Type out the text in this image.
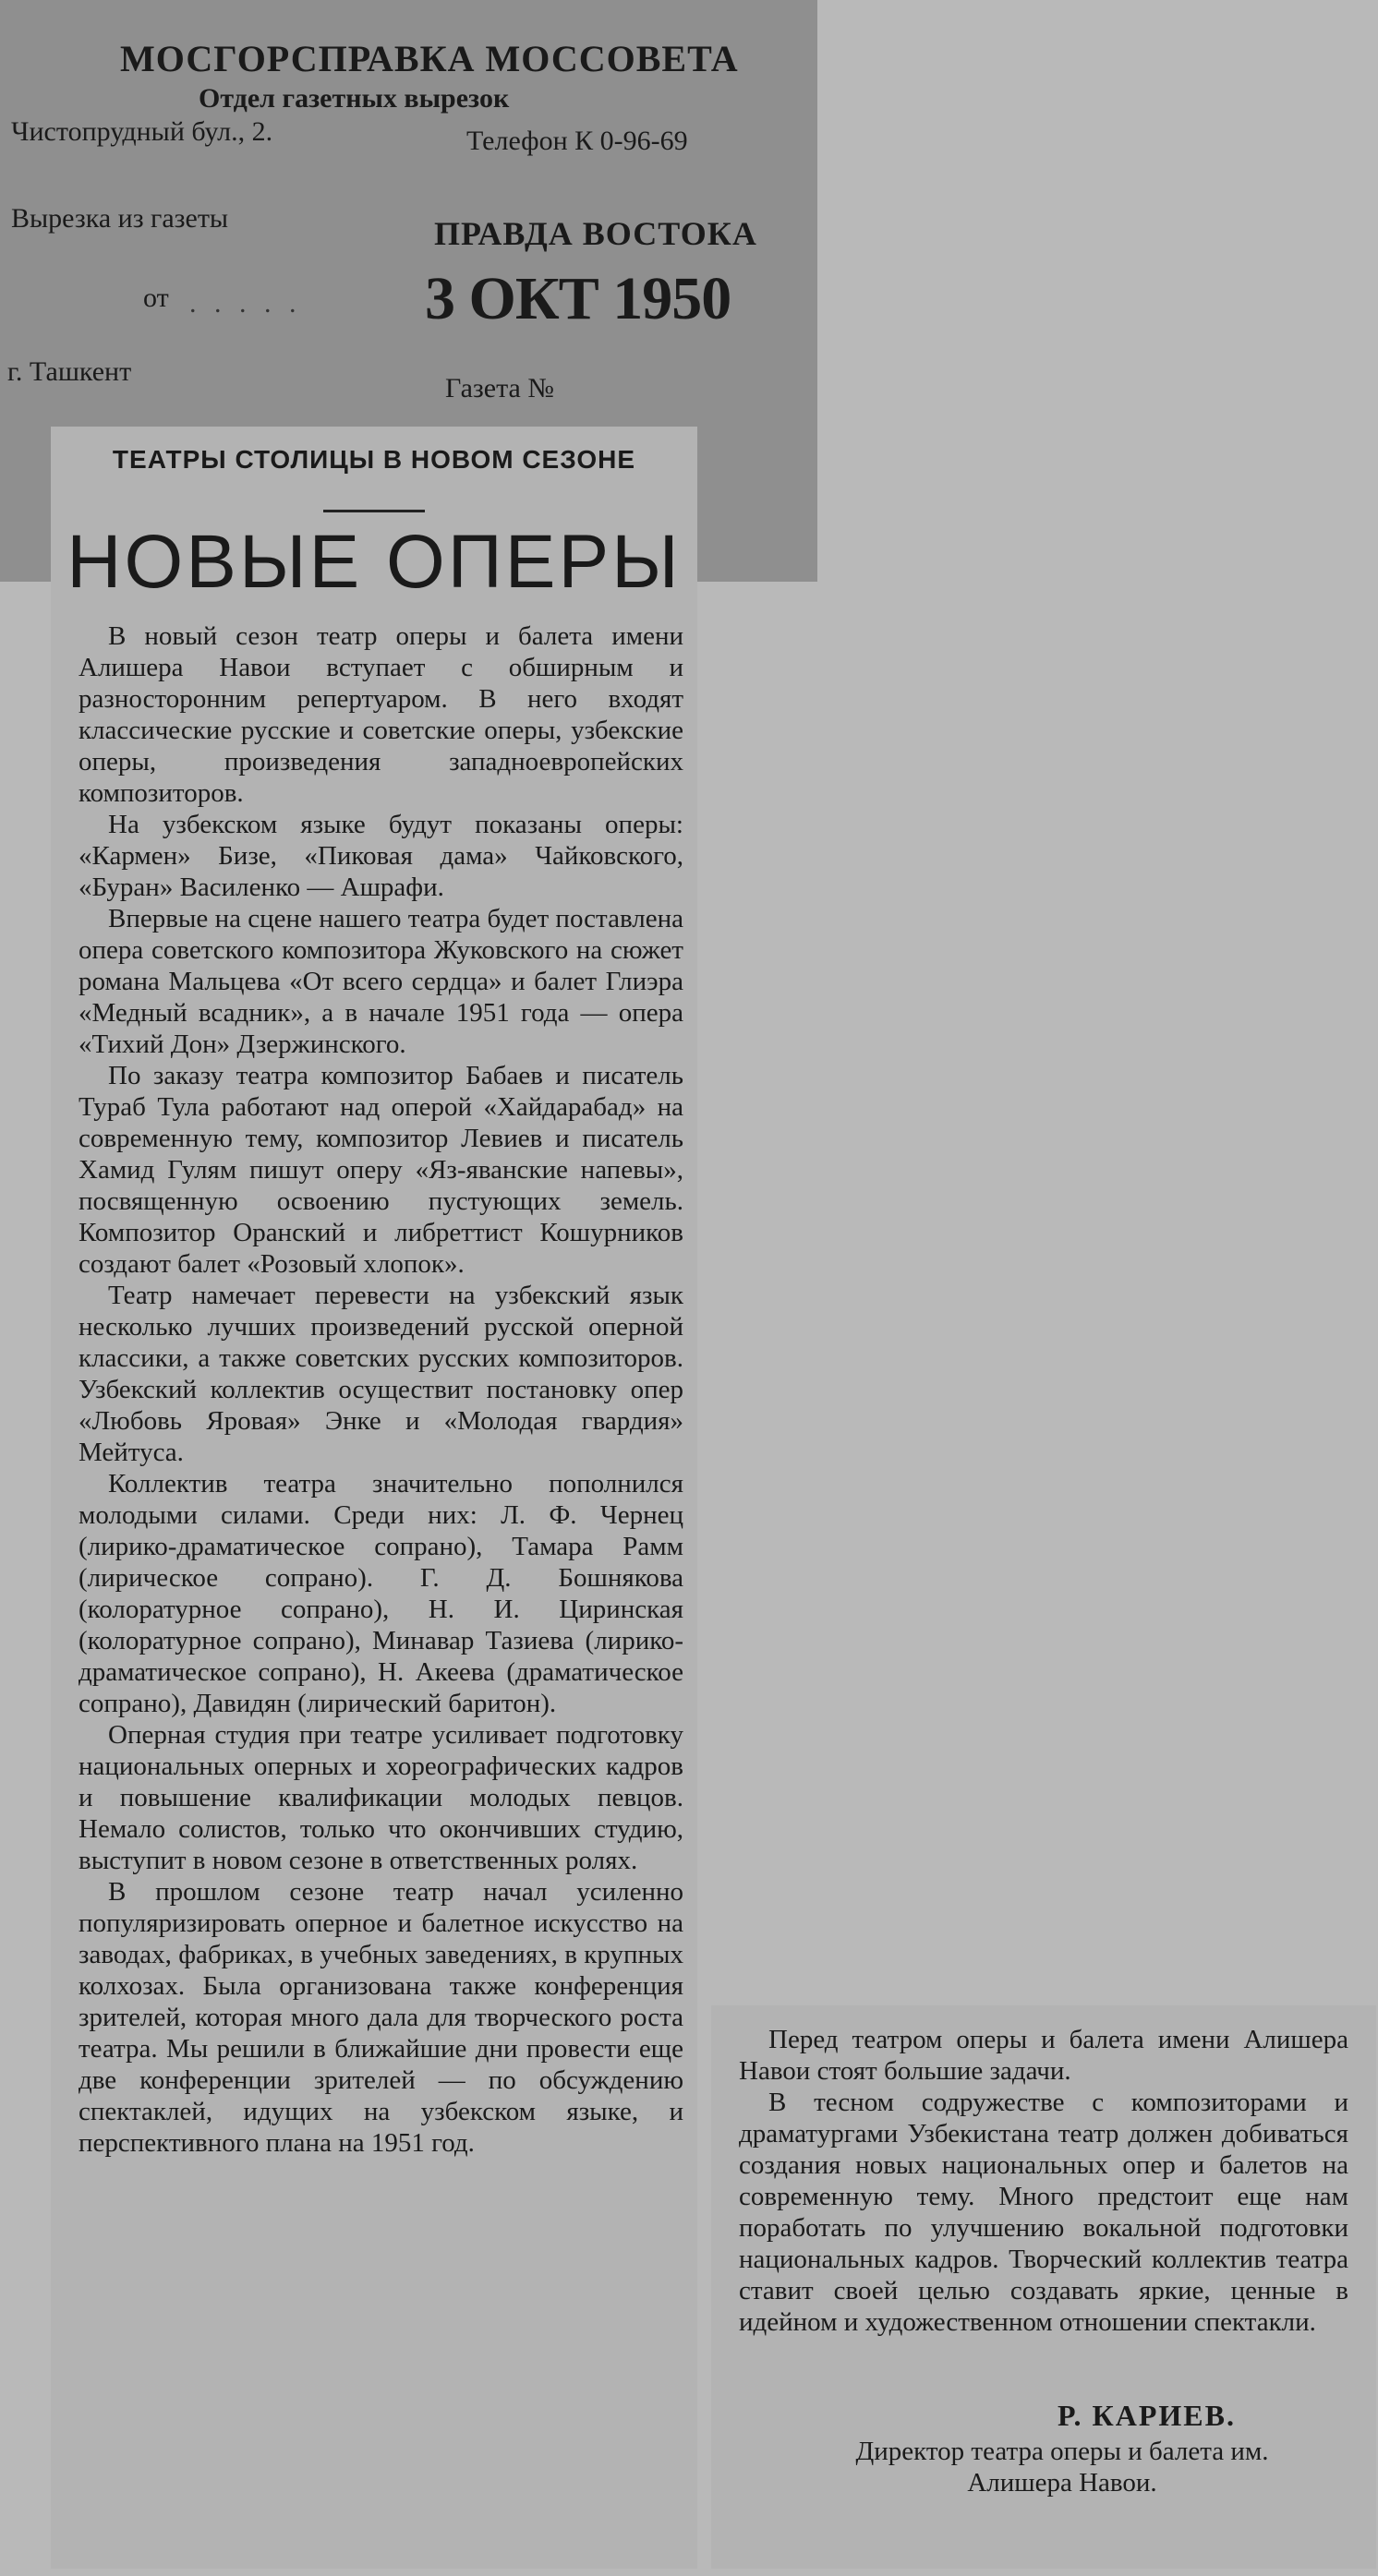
МОСГОРСПРАВКА МОССОВЕТА
Отдел газетных вырезок
Чистопрудный бул., 2.	Телефон К 0-96-69
Вырезка из газеты	ПРАВДА ВОСТОКА
от . . . . . 3 ОКТ 1950
г. Ташкент
Газета №
ТЕАТРЫ СТОЛИЦЫ В НОВОМ СЕЗОНЕ
НОВЫЕ ОПЕРЫ

В новый сезон театр оперы и балета имени Алишера Навои вступает с обширным и разносторонним репертуаром. В него входят классические русские и советские оперы, узбекские оперы, произведения западноевропейских композиторов.

На узбекском языке будут показаны оперы: «Кармен» Бизе, «Пиковая дама» Чайковского, «Буран» Василенко — Ашрафи.

Впервые на сцене нашего театра будет поставлена опера советского композитора Жуковского на сюжет романа Мальцева «От всего сердца» и балет Глиэра «Медный всадник», а в начале 1951 года — опера «Тихий Дон» Дзержинского.

По заказу театра композитор Бабаев и писатель Тураб Тула работают над оперой «Хайдарабад» на современную тему, композитор Левиев и писатель Хамид Гулям пишут оперу «Яз-яванские напевы», посвященную освоению пустующих земель. Композитор Оранский и либреттист Кошурников создают балет «Розовый хлопок».

Театр намечает перевести на узбекский язык несколько лучших произведений русской оперной классики, а также советских русских композиторов. Узбекский коллектив осуществит постановку опер «Любовь Яровая» Энке и «Молодая гвардия» Мейтуса.

Коллектив театра значительно пополнился молодыми силами. Среди них: Л. Ф. Чернец (лирико-драматическое сопрано), Тамара Рамм (лирическое сопрано). Г. Д. Бошнякова (колоратурное сопрано), Н. И. Циринская (колоратурное сопрано), Минавар Тазиева (лирико-драматическое сопрано), Н. Акеева (драматическое сопрано), Давидян (лирический баритон).

Оперная студия при театре усиливает подготовку национальных оперных и хореографических кадров и повышение квалификации молодых певцов. Немало солистов, только что окончивших студию, выступит в новом сезоне в ответственных ролях.

В прошлом сезоне театр начал усиленно популяризировать оперное и балетное искусство на заводах, фабриках, в учебных заведениях, в крупных колхозах. Была организована также конференция зрителей, которая много дала для творческого роста театра. Мы решили в ближайшие дни провести еще две конференции зрителей — по обсуждению спектаклей, идущих на узбекском языке, и перспективного плана на 1951 год.

Перед театром оперы и балета имени Алишера Навои стоят большие задачи.

В тесном содружестве с композиторами и драматургами Узбекистана театр должен добиваться создания новых национальных опер и балетов на современную тему. Много предстоит еще нам поработать по улучшению вокальной подготовки национальных кадров. Творческий коллектив театра ставит своей целью создавать яркие, ценные в идейном и художественном отношении спектакли.

Р. КАРИЕВ.
Директор театра оперы и балета им. Алишера Навои.
